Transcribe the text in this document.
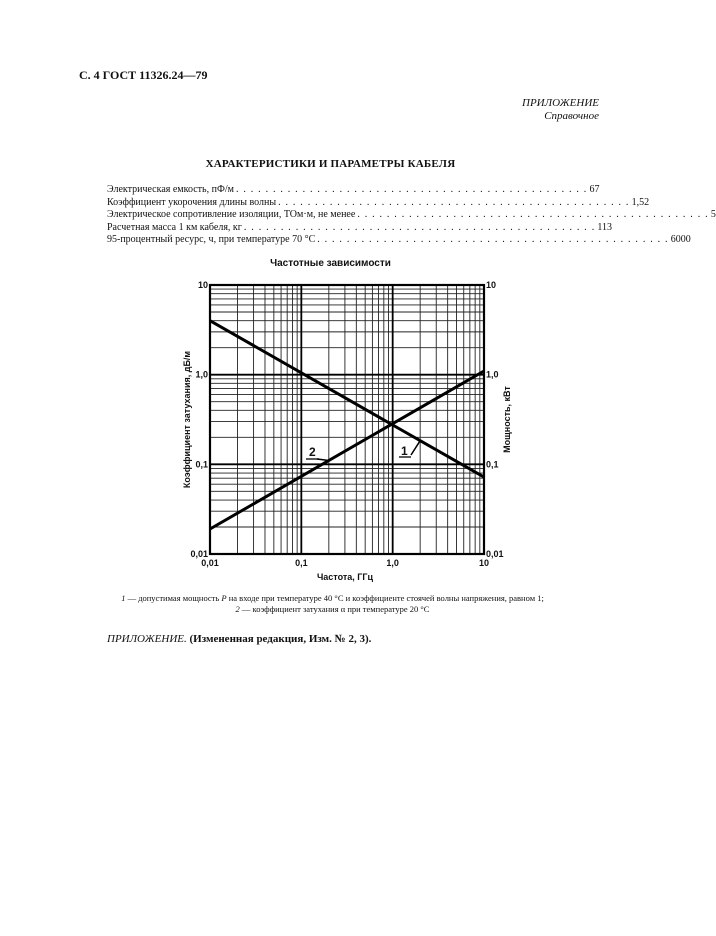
С. 4 ГОСТ 11326.24—79
ПРИЛОЖЕНИЕ
Справочное
ХАРАКТЕРИСТИКИ И ПАРАМЕТРЫ КАБЕЛЯ
Электрическая емкость, пФ/м . . . . . . . . . . . . . . . . . . . . . . . . . . . . . . . . . . . . . . . . . . . . . . . . 67
Коэффициент укорочения длины волны . . . . . . . . . . . . . . . . . . . . . . . . . . . . . . . . . . . . . . . . . . . . . . . . 1,52
Электрическое сопротивление изоляции, ТОм·м, не менее . . . . . . . . . . . . . . . . . . . . . . . . . . . . . . . . . . . . . . . . . . . . . . . . 5
Расчетная масса 1 км кабеля, кг . . . . . . . . . . . . . . . . . . . . . . . . . . . . . . . . . . . . . . . . . . . . . . . . 113
95-процентный ресурс, ч, при температуре 70 °С . . . . . . . . . . . . . . . . . . . . . . . . . . . . . . . . . . . . . . . . . . . . . . . . 6000
Частотные зависимости
0,01	0,1	1,0	10
0,01
0,1
1,0
10
0,01
0,1
1,0
10
Частота, ГГц
Коэффициент затухания, дБ/м	Мощность, кВт
1
2
1 — допустимая мощность P на входе при температуре 40 °С и коэффициенте стоячей волны напряжения, равном 1;
2 — коэффициент затухания α при температуре 20 °С
ПРИЛОЖЕНИЕ. (Измененная редакция, Изм. № 2, 3).
